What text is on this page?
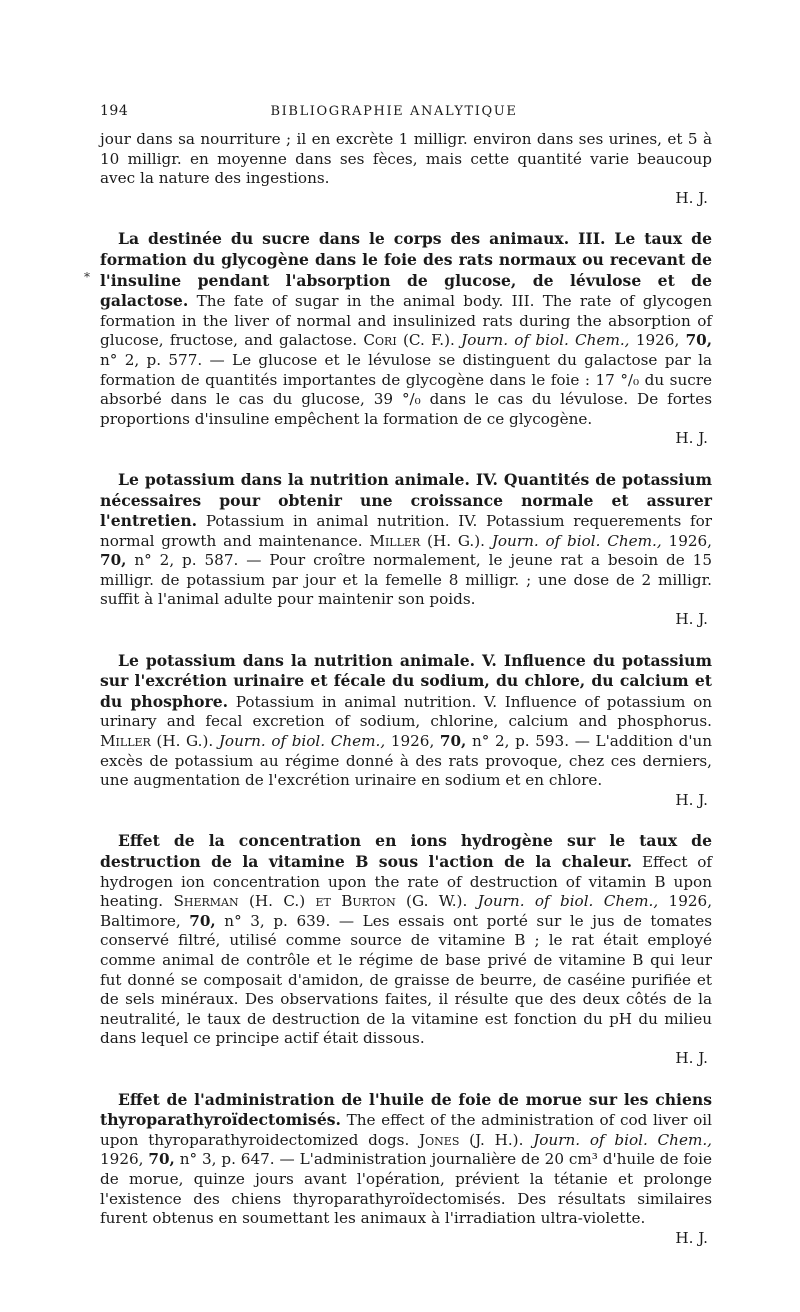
194	BIBLIOGRAPHIE ANALYTIQUE
*

jour dans sa nourriture ; il en excrète 1 milligr. environ dans ses urines, et 5 à 10 milligr. en moyenne dans ses fèces, mais cette quantité varie beaucoup avec la nature des ingestions.
H. J.

La destinée du sucre dans le corps des animaux. III. Le taux de formation du glycogène dans le foie des rats normaux ou recevant de l'insuline pendant l'absorption de glucose, de lévulose et de galactose. The fate of sugar in the animal body. III. The rate of glycogen formation in the liver of normal and insulinized rats during the absorption of glucose, fructose, and galactose. Cori (C. F.). Journ. of biol. Chem., 1926, 70, n° 2, p. 577. — Le glucose et le lévulose se distinguent du galactose par la formation de quantités importantes de glycogène dans le foie : 17 °/₀ du sucre absorbé dans le cas du glucose, 39 °/₀ dans le cas du lévulose. De fortes proportions d'insuline empêchent la formation de ce glycogène.
H. J.

Le potassium dans la nutrition animale. IV. Quantités de potassium nécessaires pour obtenir une croissance normale et assurer l'entretien. Potassium in animal nutrition. IV. Potassium requerements for normal growth and maintenance. Miller (H. G.). Journ. of biol. Chem., 1926, 70, n° 2, p. 587. — Pour croître normalement, le jeune rat a besoin de 15 milligr. de potassium par jour et la femelle 8 milligr. ; une dose de 2 milligr. suffit à l'animal adulte pour maintenir son poids.
H. J.

Le potassium dans la nutrition animale. V. Influence du potassium sur l'excrétion urinaire et fécale du sodium, du chlore, du calcium et du phosphore. Potassium in animal nutrition. V. Influence of potassium on urinary and fecal excretion of sodium, chlorine, calcium and phosphorus. Miller (H. G.). Journ. of biol. Chem., 1926, 70, n° 2, p. 593. — L'addition d'un excès de potassium au régime donné à des rats provoque, chez ces derniers, une augmentation de l'excrétion urinaire en sodium et en chlore.
H. J.

Effet de la concentration en ions hydrogène sur le taux de destruction de la vitamine B sous l'action de la chaleur. Effect of hydrogen ion concentration upon the rate of destruction of vitamin B upon heating. Sherman (H. C.) et Burton (G. W.). Journ. of biol. Chem., 1926, Baltimore, 70, n° 3, p. 639. — Les essais ont porté sur le jus de tomates conservé filtré, utilisé comme source de vitamine B ; le rat était employé comme animal de contrôle et le régime de base privé de vitamine B qui leur fut donné se composait d'amidon, de graisse de beurre, de caséine purifiée et de sels minéraux. Des observations faites, il résulte que des deux côtés de la neutralité, le taux de destruction de la vitamine est fonction du pH du milieu dans lequel ce principe actif était dissous.
H. J.

Effet de l'administration de l'huile de foie de morue sur les chiens thyroparathyroïdectomisés. The effect of the administration of cod liver oil upon thyroparathyroidectomized dogs. Jones (J. H.). Journ. of biol. Chem., 1926, 70, n° 3, p. 647. — L'administration journalière de 20 cm³ d'huile de foie de morue, quinze jours avant l'opération, prévient la tétanie et prolonge l'existence des chiens thyroparathyroïdectomisés. Des résultats similaires furent obtenus en soumettant les animaux à l'irradiation ultra-violette.
H. J.
